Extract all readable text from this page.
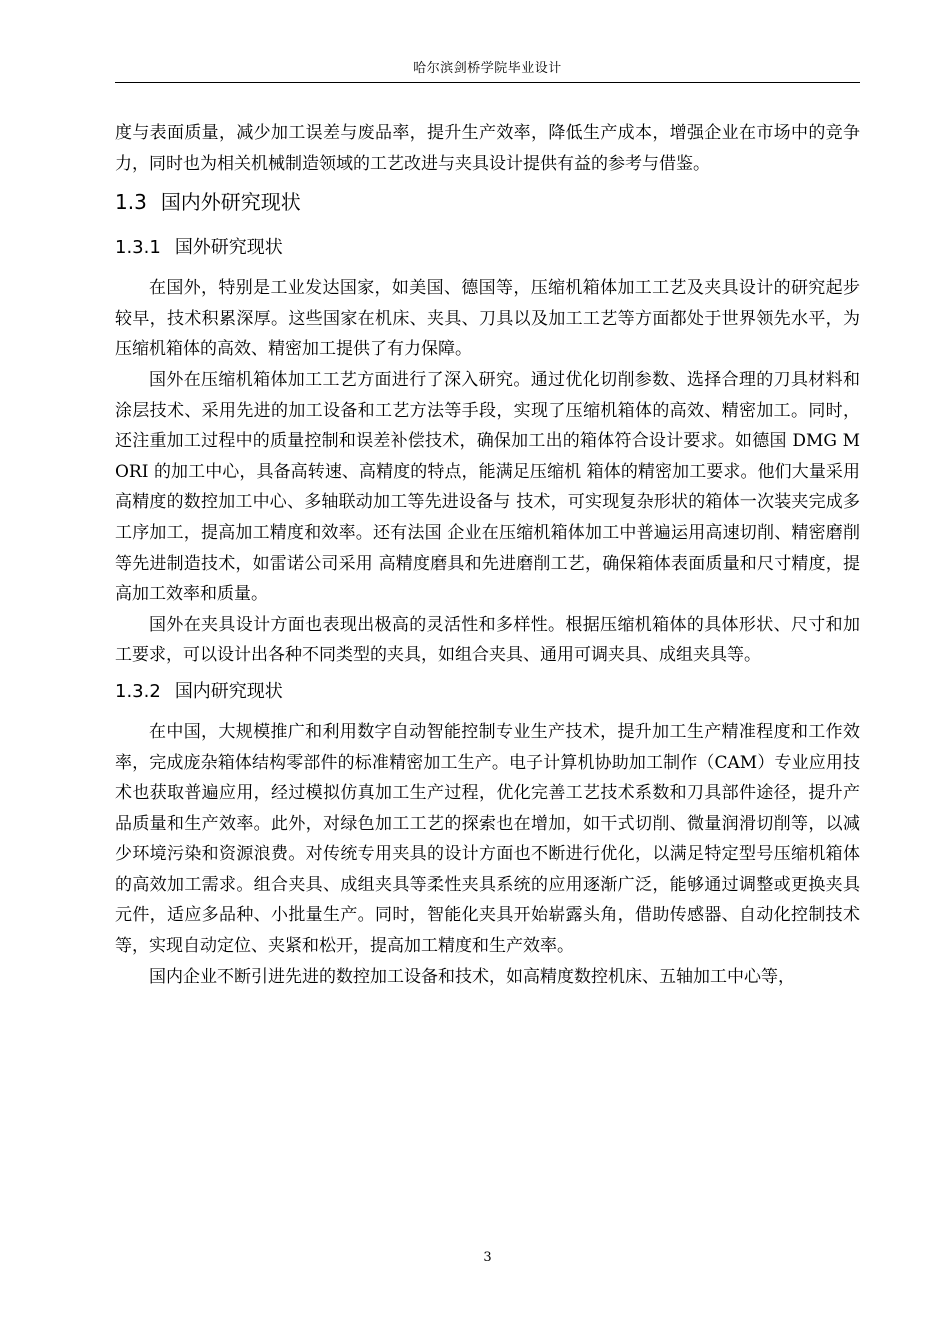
哈尔滨剑桥学院毕业设计

度与表面质量，减少加工误差与废品率，提升生产效率，降低生产成本，增强企业在市场中的竞争力，同时也为相关机械制造领域的工艺改进与夹具设计提供有益的参考与借鉴。

1.3 国内外研究现状
1.3.1 国外研究现状

在国外，特别是工业发达国家，如美国、德国等，压缩机箱体加工工艺及夹具设计的研究起步较早，技术积累深厚。这些国家在机床、夹具、刀具以及加工工艺等方面都处于世界领先水平，为压缩机箱体的高效、精密加工提供了有力保障。

国外在压缩机箱体加工工艺方面进行了深入研究。通过优化切削参数、选择合理的刀具材料和涂层技术、采用先进的加工设备和工艺方法等手段，实现了压缩机箱体的高效、精密加工。同时，还注重加工过程中的质量控制和误差补偿技术，确保加工出的箱体符合设计要求。如德国 DMG MORI 的加工中心，具备高转速、高精度的特点，能满足压缩机 箱体的精密加工要求。他们大量采用高精度的数控加工中心、多轴联动加工等先进设备与 技术，可实现复杂形状的箱体一次装夹完成多工序加工，提高加工精度和效率。还有法国 企业在压缩机箱体加工中普遍运用高速切削、精密磨削等先进制造技术，如雷诺公司采用 高精度磨具和先进磨削工艺，确保箱体表面质量和尺寸精度，提高加工效率和质量。

国外在夹具设计方面也表现出极高的灵活性和多样性。根据压缩机箱体的具体形状、尺寸和加工要求，可以设计出各种不同类型的夹具，如组合夹具、通用可调夹具、成组夹具等。

1.3.2 国内研究现状

在中国，大规模推广和利用数字自动智能控制专业生产技术，提升加工生产精准程度和工作效率，完成庞杂箱体结构零部件的标准精密加工生产。电子计算机协助加工制作（CAM）专业应用技术也获取普遍应用，经过模拟仿真加工生产过程，优化完善工艺技术系数和刀具部件途径，提升产品质量和生产效率。此外，对绿色加工工艺的探索也在增加，如干式切削、微量润滑切削等，以减少环境污染和资源浪费。对传统专用夹具的设计方面也不断进行优化，以满足特定型号压缩机箱体的高效加工需求。组合夹具、成组夹具等柔性夹具系统的应用逐渐广泛，能够通过调整或更换夹具元件，适应多品种、小批量生产。同时，智能化夹具开始崭露头角，借助传感器、自动化控制技术等，实现自动定位、夹紧和松开，提高加工精度和生产效率。

国内企业不断引进先进的数控加工设备和技术，如高精度数控机床、五轴加工中心等，

3
